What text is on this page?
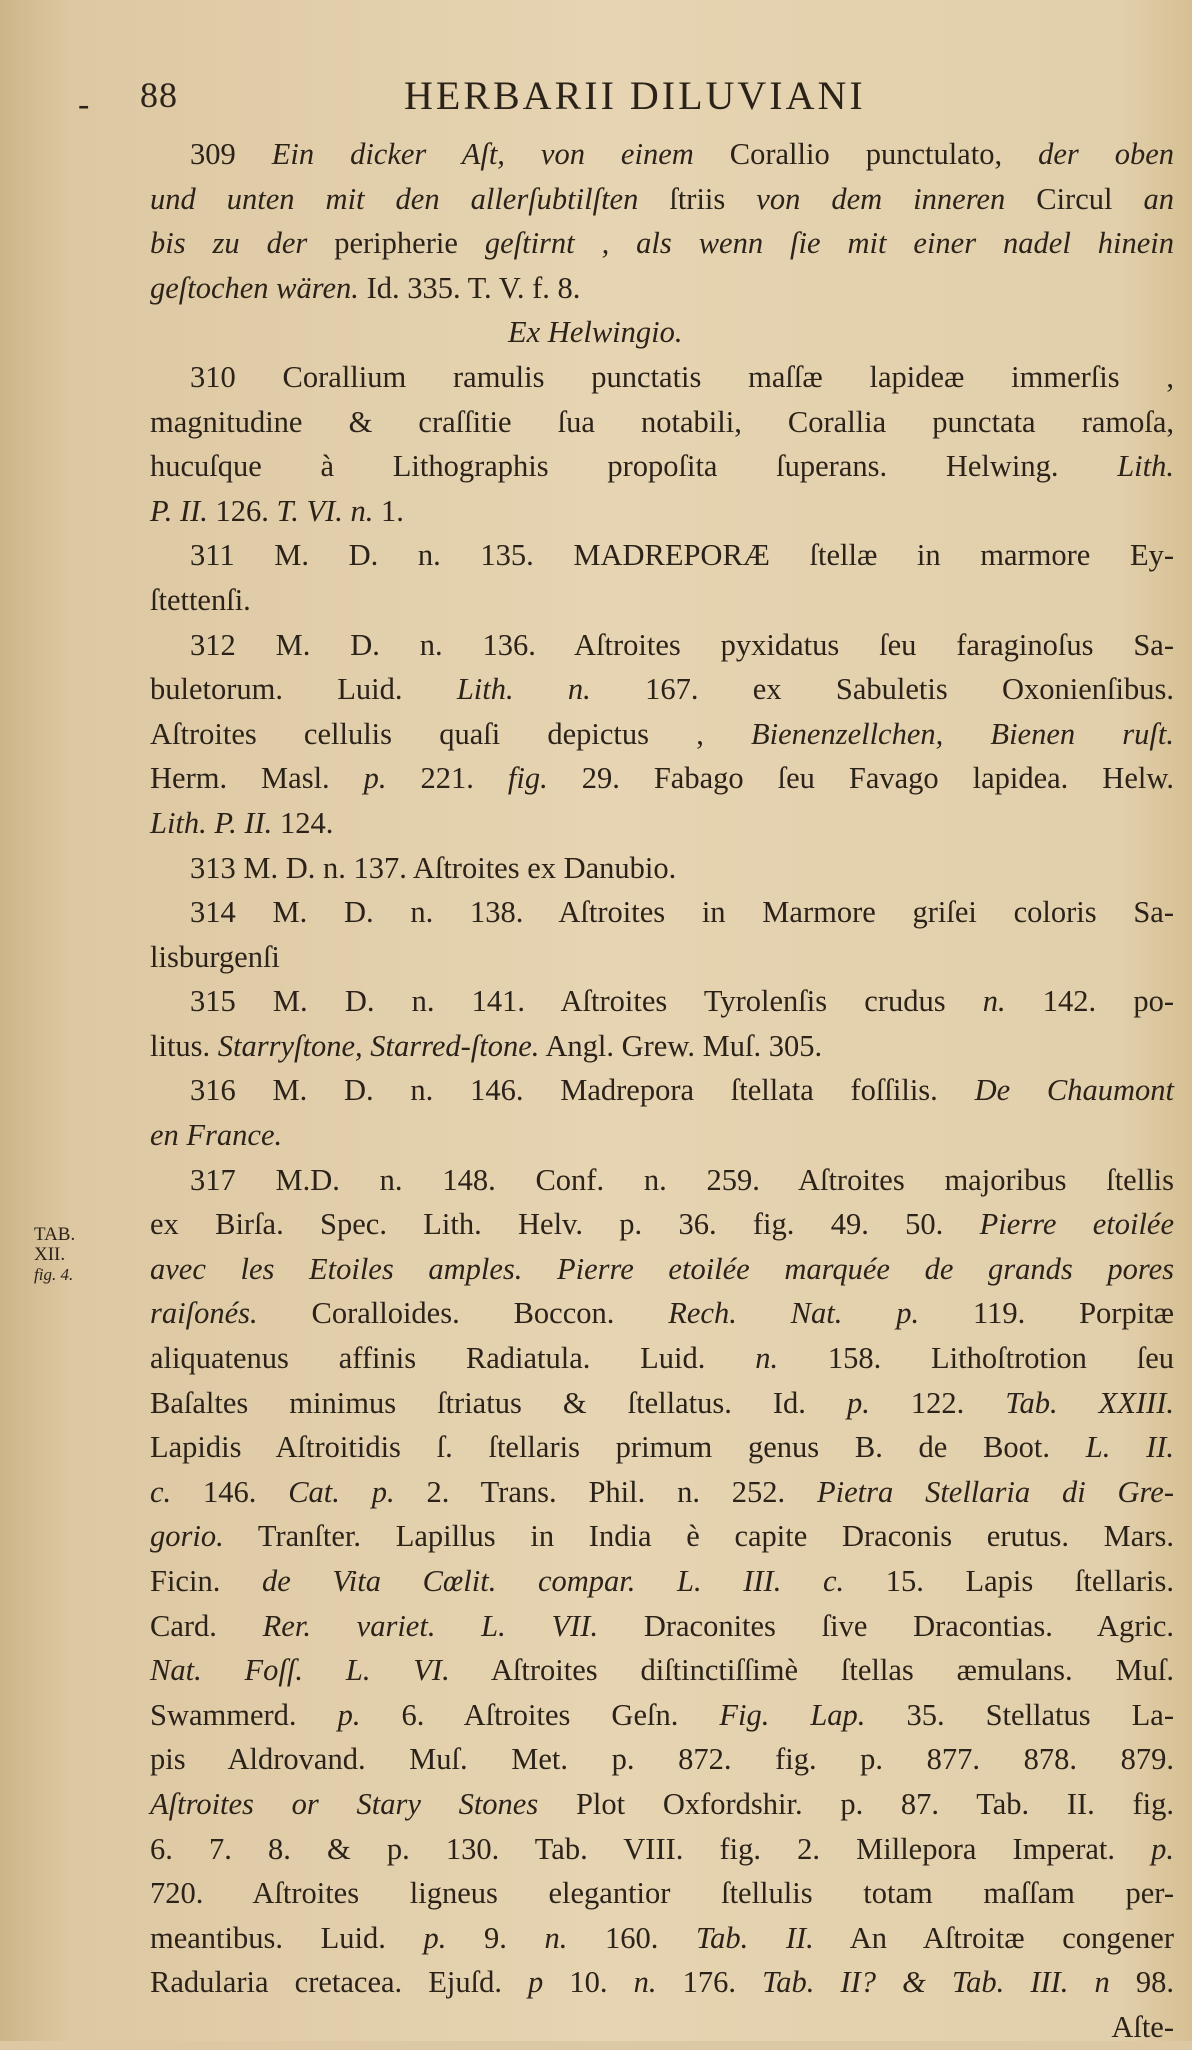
- 88	HERBARII DILUVIANI
TAB.
XII.
fig. 4.
309 Ein dicker Aſt, von einem Corallio punctulato, der oben
und unten mit den allerſubtilſten ſtriis von dem inneren Circul an
bis zu der peripherie geſtirnt , als wenn ſie mit einer nadel hinein
geſtochen wären. Id. 335. T. V. f. 8.
Ex Helwingio.
310 Corallium ramulis punctatis maſſæ lapideæ immerſis ,
magnitudine & craſſitie ſua notabili, Corallia punctata ramoſa,
hucuſque à Lithographis propoſita ſuperans. Helwing. Lith.
P. II. 126. T. VI. n. 1.
311 M. D. n. 135. MADREPORÆ ſtellæ in marmore Ey-
ſtettenſi.
312 M. D. n. 136. Aſtroites pyxidatus ſeu faraginoſus Sa-
buletorum. Luid. Lith. n. 167. ex Sabuletis Oxonienſibus.
Aſtroites cellulis quaſi depictus , Bienenzellchen, Bienen ruſt.
Herm. Masl. p. 221. fig. 29. Fabago ſeu Favago lapidea. Helw.
Lith. P. II. 124.
313 M. D. n. 137. Aſtroites ex Danubio.
314 M. D. n. 138. Aſtroites in Marmore griſei coloris Sa-
lisburgenſi
315 M. D. n. 141. Aſtroites Tyrolenſis crudus n. 142. po-
litus. Starryſtone, Starred-ſtone. Angl. Grew. Muſ. 305.
316 M. D. n. 146. Madrepora ſtellata foſſilis. De Chaumont
en France.
317 M.D. n. 148. Conf. n. 259. Aſtroites majoribus ſtellis
ex Birſa. Spec. Lith. Helv. p. 36. fig. 49. 50. Pierre etoilée
avec les Etoiles amples. Pierre etoilée marquée de grands pores
raiſonés. Coralloides. Boccon. Rech. Nat. p. 119. Porpitæ
aliquatenus affinis Radiatula. Luid. n. 158. Lithoſtrotion ſeu
Baſaltes minimus ſtriatus & ſtellatus. Id. p. 122. Tab. XXIII.
Lapidis Aſtroitidis ſ. ſtellaris primum genus B. de Boot. L. II.
c. 146. Cat. p. 2. Trans. Phil. n. 252. Pietra Stellaria di Gre-
gorio. Tranſter. Lapillus in India è capite Draconis erutus. Mars.
Ficin. de Vita Cœlit. compar. L. III. c. 15. Lapis ſtellaris.
Card. Rer. variet. L. VII. Draconites ſive Dracontias. Agric.
Nat. Foſſ. L. VI. Aſtroites diſtinctiſſimè ſtellas æmulans. Muſ.
Swammerd. p. 6. Aſtroites Geſn. Fig. Lap. 35. Stellatus La-
pis Aldrovand. Muſ. Met. p. 872. fig. p. 877. 878. 879.
Aſtroites or Stary Stones Plot Oxfordshir. p. 87. Tab. II. fig.
6. 7. 8. & p. 130. Tab. VIII. fig. 2. Millepora Imperat. p.
720. Aſtroites ligneus elegantior ſtellulis totam maſſam per-
meantibus. Luid. p. 9. n. 160. Tab. II. An Aſtroitæ congener
Radularia cretacea. Ejuſd. p 10. n. 176. Tab. II? & Tab. III. n 98.
Aſte-
